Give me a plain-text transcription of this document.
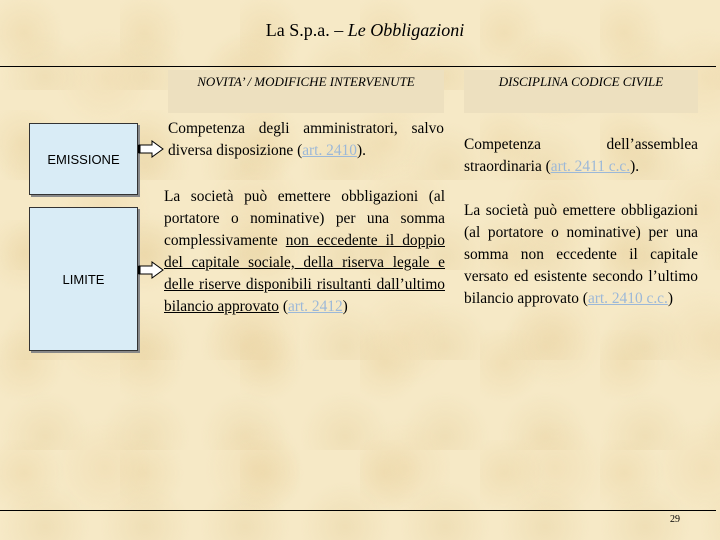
La S.p.a. – Le Obbligazioni
NOVITA’ / MODIFICHE INTERVENUTE	DISCIPLINA CODICE CIVILE
EMISSIONE
LIMITE
Competenza degli amministratori, salvo diversa disposizione (art. 2410).
La società può emettere obbligazioni (al portatore o nominative) per una somma complessivamente non eccedente il doppio del capitale sociale, della riserva legale e delle riserve disponibili risultanti dall’ultimo bilancio approvato (art. 2412)
Competenza dell’assemblea straordinaria (art. 2411 c.c.).
La società può emettere obbligazioni (al portatore o nominative) per una somma non eccedente il capitale versato ed esistente secondo l’ultimo bilancio approvato (art. 2410 c.c.)
29
